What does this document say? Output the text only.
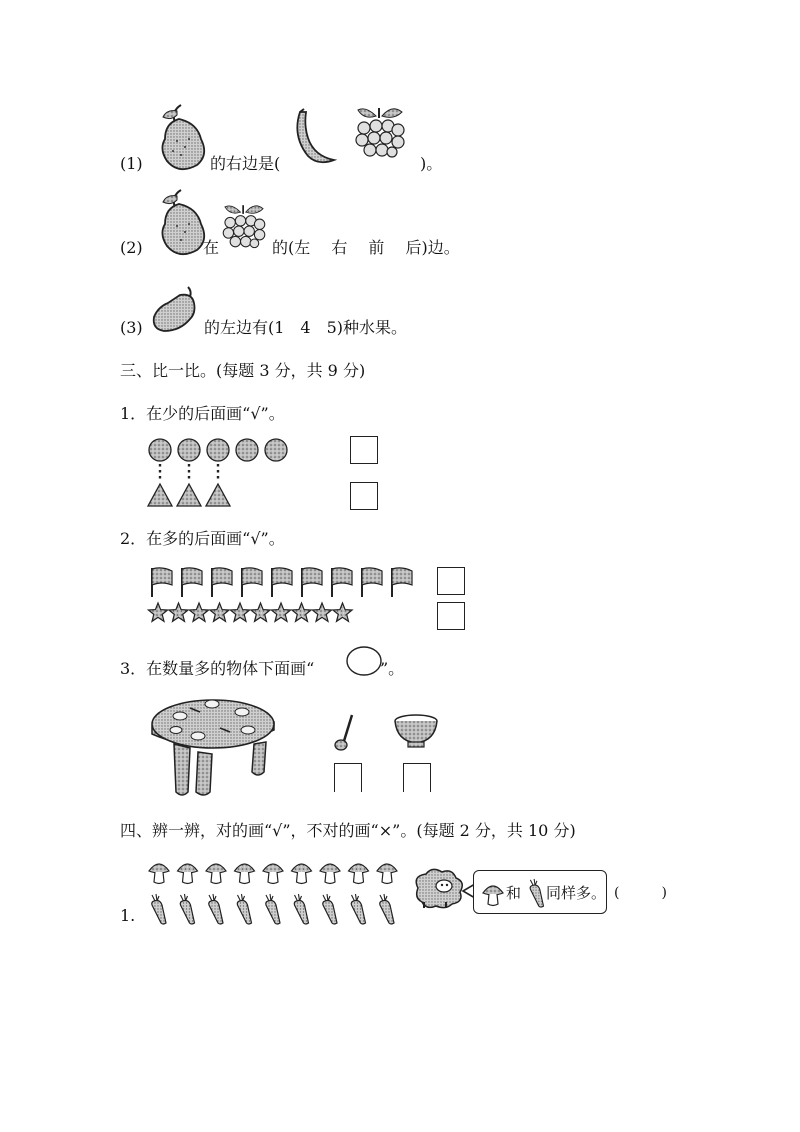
(1)	的右边是(	)。
(2)	在	的(左　 右　 前　 后)边。
(3)	的左边有(1　4　5)种水果。
三、比一比。(每题 3 分，共 9 分)
1．在少的后面画“√”。
2．在多的后面画“√”。
3．在数量多的物体下面画“	”。
四、辨一辨，对的画“√”，不对的画“×”。(每题 2 分，共 10 分)
1.
和 同样多。 (　　　)
